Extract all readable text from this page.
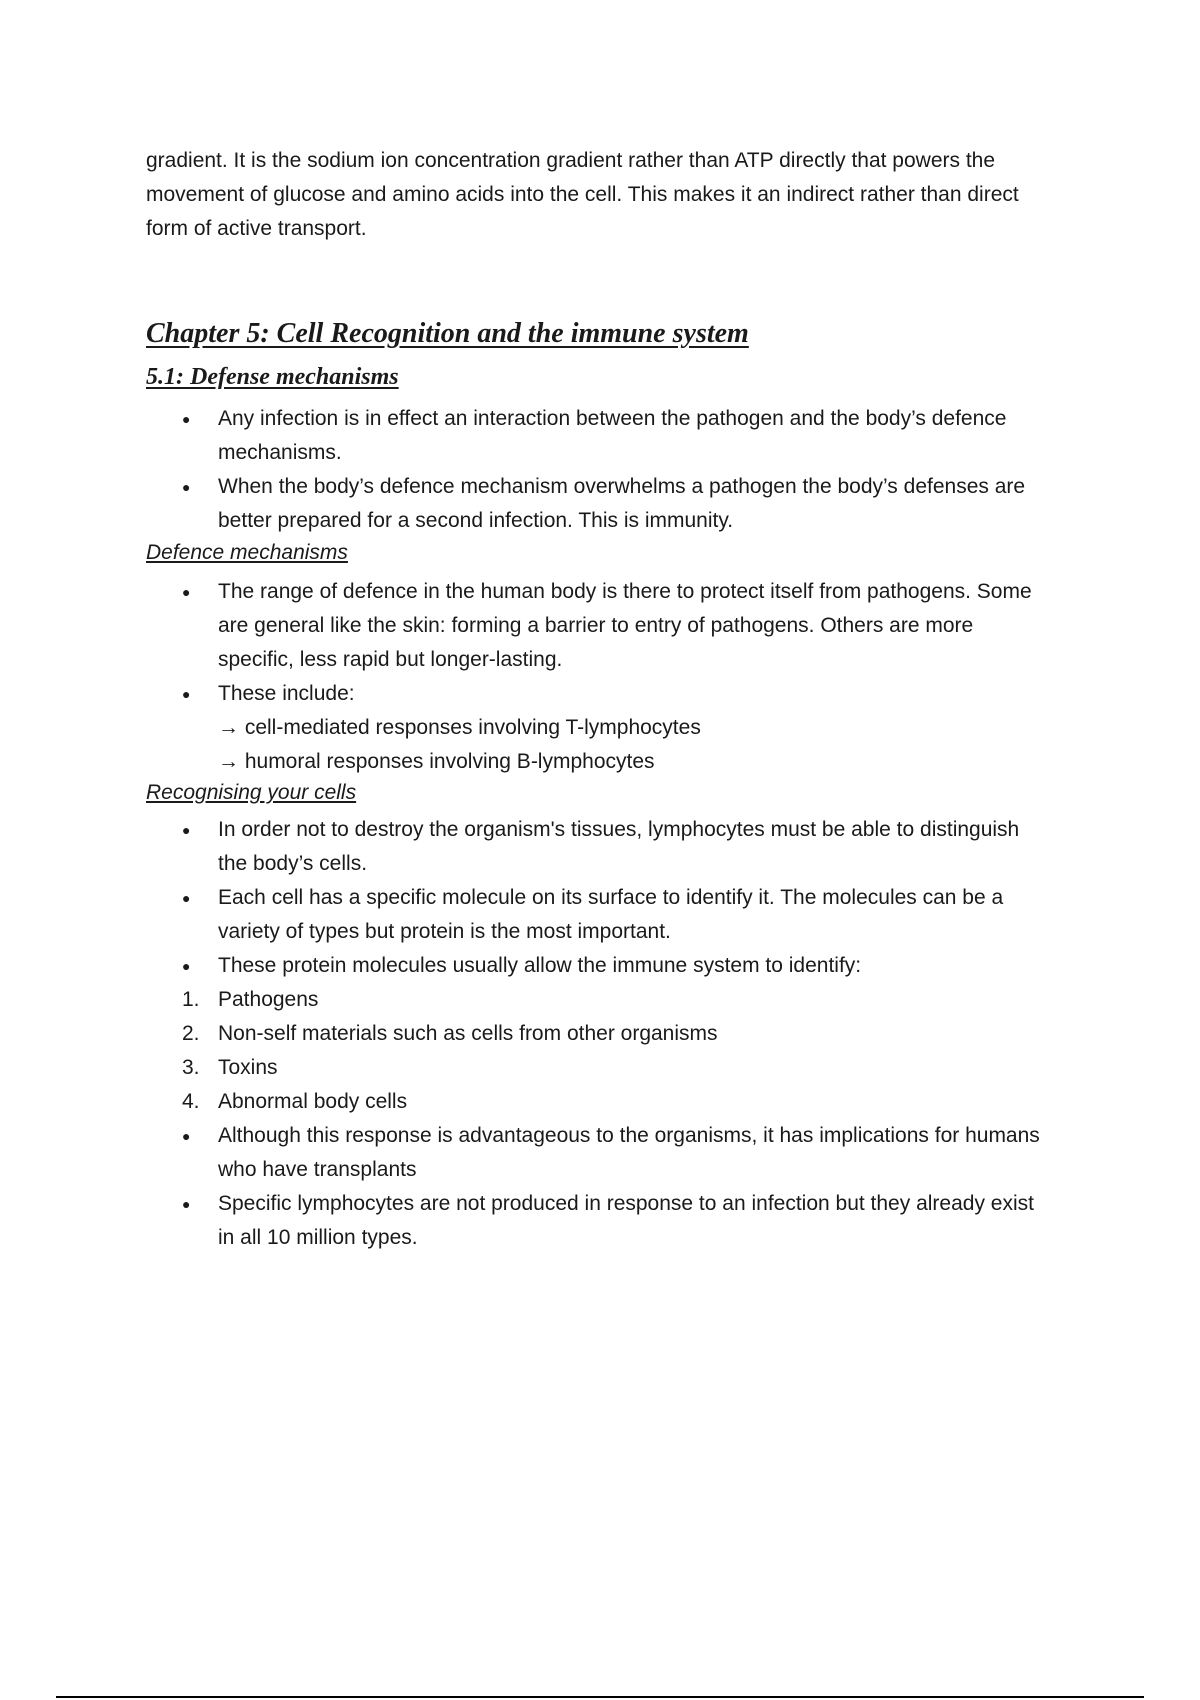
gradient. It is the sodium ion concentration gradient rather than ATP directly that powers the movement of glucose and amino acids into the cell. This makes it an indirect rather than direct form of active transport.

Chapter 5: Cell Recognition and the immune system
5.1: Defense mechanisms
●	Any infection is in effect an interaction between the pathogen and the body’s defence mechanisms.
●	When the body’s defence mechanism overwhelms a pathogen the body’s defenses are better prepared for a second infection. This is immunity.

Defence mechanisms

●	The range of defence in the human body is there to protect itself from pathogens. Some are general like the skin: forming a barrier to entry of pathogens. Others are more specific, less rapid but longer-lasting.
●	These include:
→ cell-mediated responses involving T-lymphocytes
→ humoral responses involving B-lymphocytes

Recognising your cells

●	In order not to destroy the organism's tissues, lymphocytes must be able to distinguish the body’s cells.
●	Each cell has a specific molecule on its surface to identify it. The molecules can be a variety of types but protein is the most important.
●	These protein molecules usually allow the immune system to identify:
1. Pathogens
2. Non-self materials such as cells from other organisms
3. Toxins
4. Abnormal body cells
●	Although this response is advantageous to the organisms, it has implications for humans who have transplants
●	Specific lymphocytes are not produced in response to an infection but they already exist in all 10 million types.
